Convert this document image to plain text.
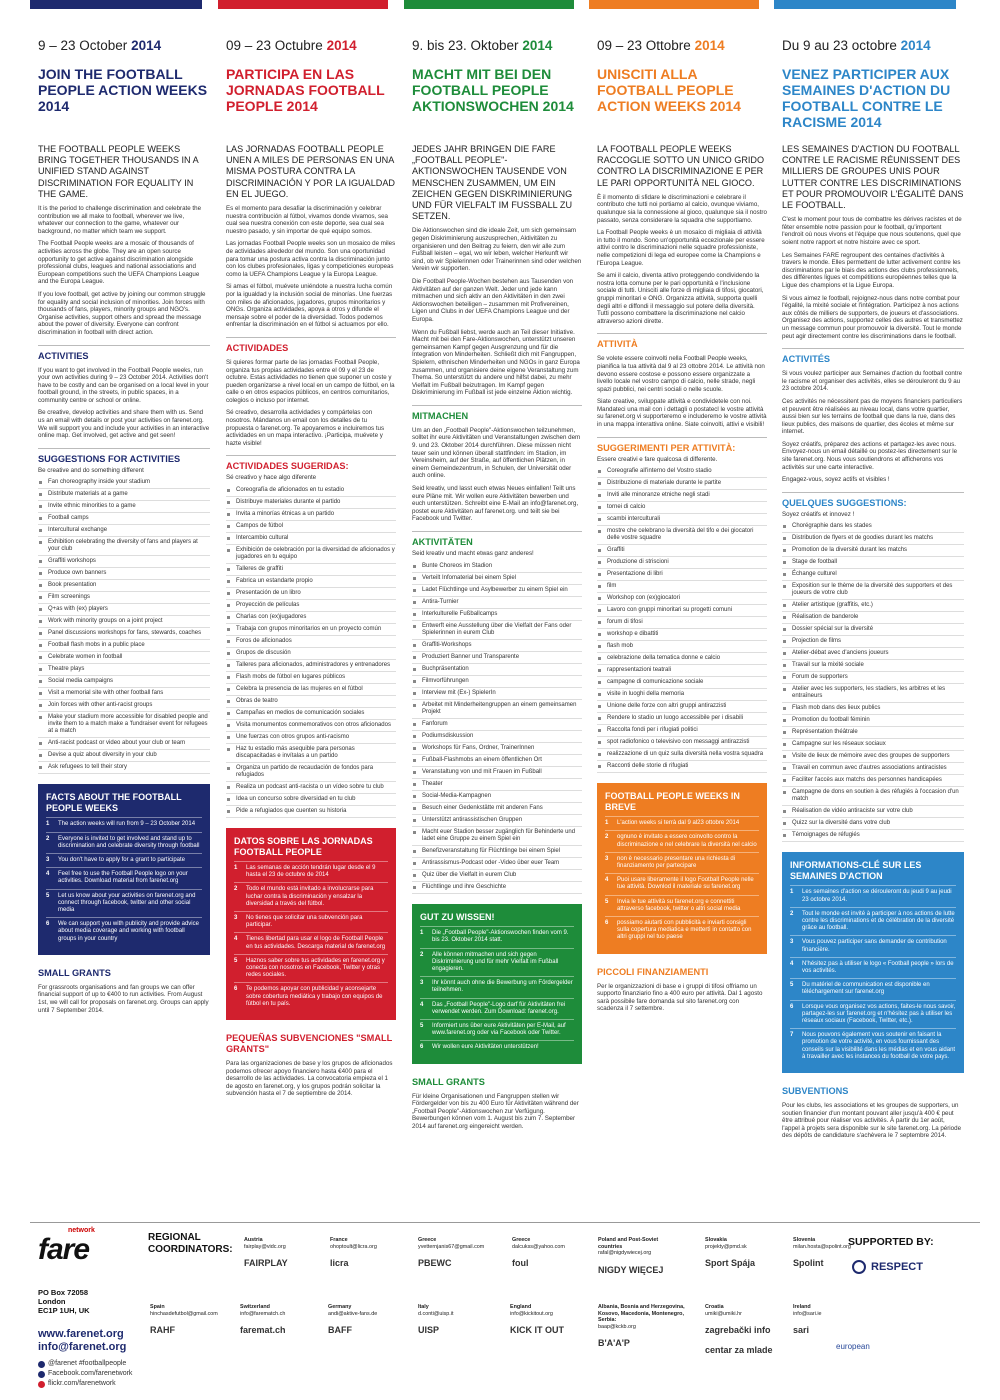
9 – 23 October 2014
JOIN THE FOOTBALL PEOPLE ACTION WEEKS 2014
THE FOOTBALL PEOPLE WEEKS BRING TOGETHER THOUSANDS IN A UNIFIED STAND AGAINST DISCRIMINATION FOR EQUALITY IN THE GAME.

It is the period to challenge discrimination and celebrate the contribution we all make to football, wherever we live, whatever our connection to the game, whatever our background, no matter which team we support.

The Football People weeks are a mosaic of thousands of activities across the globe. They are an open source opportunity to get active against discrimination alongside professional clubs, leagues and national associations and European competitions such the UEFA Champions League and the Europa League.

If you love football, get active by joining our common struggle for equality and social inclusion of minorities. Join forces with thousands of fans, players, minority groups and NGO's. Organise activities, support others and spread the message about the power of diversity. Everyone can confront discrimination in football with direct action.

ACTIVITIES

If you want to get involved in the Football People weeks, run your own activities during 9 – 23 October 2014. Activities don't have to be costly and can be organised on a local level in your football ground, in the streets, in public spaces, in a community centre or school or online.

Be creative, develop activities and share them with us. Send us an email with details or post your activities on farenet.org. We will support you and include your activities in an interactive online map. Get involved, get active and get seen!

SUGGESTIONS FOR ACTIVITIES

Be creative and do something different

Fan choreography inside your stadium
Distribute materials at a game
Invite ethnic minorities to a game
Football camps
Intercultural exchange
Exhibition celebrating the diversity of fans and players at your club
Graffiti workshops
Produce own banners
Book presentation
Film screenings
Q+as with (ex) players
Work with minority groups on a joint project
Panel discussions workshops for fans, stewards, coaches
Football flash mobs in a public place
Celebrate women in football
Theatre plays
Social media campaigns
Visit a memorial site with other football fans
Join forces with other anti-racist groups
Make your stadium more accessible for disabled people and invite them to a match make a 'fundraiser event for refugees at a match
Anti-racist podcast or video about your club or team
Devise a quiz about diversity in your club
Ask refugees to tell their story
FACTS ABOUT THE FOOTBALL PEOPLE WEEKS
1 The action weeks will run from 9 – 23 October 2014
2 Everyone is invited to get involved and stand up to discrimination and celebrate diversity through football
3 You don't have to apply for a grant to participate
4 Feel free to use the Football People logo on your activities. Download material from farenet.org
5 Let us know about your activities on farenet.org and connect through facebook, twitter and other social media
6 We can support you with publicity and provide advice about media coverage and working with football groups in your country
SMALL GRANTS

For grassroots organisations and fan groups we can offer financial support of up to €400 to run activities. From August 1st, we will call for proposals on farenet.org. Groups can apply until 7 September 2014.

09 – 23 Octubre 2014
PARTICIPA EN LAS JORNADAS FOOTBALL PEOPLE 2014
LAS JORNADAS FOOTBALL PEOPLE UNEN A MILES DE PERSONAS EN UNA MISMA POSTURA CONTRA LA DISCRIMINACIÓN Y POR LA IGUALDAD EN EL JUEGO.

Es el momento para desafiar la discriminación y celebrar nuestra contribución al fútbol, vivamos donde vivamos, sea cual sea nuestra conexión con este deporte, sea cual sea nuestro pasado, y sin importar de qué equipo somos.

Las jornadas Football People weeks son un mosaico de miles de actividades alrededor del mundo. Son una oportunidad para tomar una postura activa contra la discriminación junto con los clubes profesionales, ligas y competiciones europeas como la UEFA Champions League y la Europa League.

Si amas el fútbol, muévete uniéndote a nuestra lucha común por la igualdad y la inclusión social de minorías. Une fuerzas con miles de aficionados, jugadores, grupos minoritarios y ONGs. Organiza actividades, apoya a otros y difunde el mensaje sobre el poder de la diversidad. Todos podemos enfrentar la discriminación en el fútbol si actuamos por ello.

ACTIVIDADES

Si quieres formar parte de las jornadas Football People, organiza tus propias actividades entre el 09 y el 23 de octubre. Estas actividades no tienen que suponer un coste y pueden organizarse a nivel local en un campo de fútbol, en la calle o en otros espacios públicos, en centros comunitarios, colegios o incluso por internet.

Sé creativo, desarrolla actividades y compártelas con nosotros. Mándanos un email con los detalles de tu propuesta o farenet.org. Te apoyaremos e incluiremos tus actividades en un mapa interactivo. ¡Participa, muévete y hazte visible!

ACTIVIDADES SUGERIDAS:

Sé creativo y hace algo diferente

Coreografía de aficionados en tu estadio
Distribuye materiales durante el partido
Invita a minorías étnicas a un partido
Campos de fútbol
Intercambio cultural
Exhibición de celebración por la diversidad de aficionados y jugadores en tu equipo
Talleres de graffiti
Fabrica un estandarte propio
Presentación de un libro
Proyección de películas
Charlas con (ex)jugadores
Trabaja con grupos minoritarios en un proyecto común
Foros de aficionados
Grupos de discusión
Talleres para aficionados, administradores y entrenadores
Flash mobs de fútbol en lugares públicos
Celebra la presencia de las mujeres en el fútbol
Obras de teatro
Campañas en medios de comunicación sociales
Visita monumentos conmemorativos con otros aficionados
Une fuerzas con otros grupos anti-racismo
Haz tu estadio más asequible para personas discapacitadas e invítalas a un partido
Organiza un partido de recaudación de fondos para refugiados
Realiza un podcast anti-racista o un vídeo sobre tu club
Idea un concurso sobre diversidad en tu club
Pide a refugiados que cuenten su historia
DATOS SOBRE LAS JORNADAS FOOTBALL PEOPLE
1 Las semanas de acción tendrán lugar desde el 9 hasta el 23 de octubre de 2014
2 Todo el mundo está invitado a involucrarse para luchar contra la discriminación y ensalzar la diversidad a través del fútbol.
3 No tienes que solicitar una subvención para participar.
4 Tienes libertad para usar el logo de Football People en tus actividades. Descarga material de farenet.org
5 Haznos saber sobre tus actividades en farenet.org y conecta con nosotros en Facebook, Twitter y otras redes sociales.
6 Te podemos apoyar con publicidad y aconsejarte sobre cobertura mediática y trabajo con equipos de fútbol en tu país.
PEQUEÑAS SUBVENCIONES "SMALL GRANTS"

Para las organizaciones de base y los grupos de aficionados podemos ofrecer apoyo financiero hasta €400 para el desarrollo de las actividades. La convocatoria empieza el 1 de agosto en farenet.org, y los grupos podrán solicitar la subvención hasta el 7 de septiembre de 2014.

9. bis 23. Oktober 2014
MACHT MIT BEI DEN FOOTBALL PEOPLE AKTIONSWOCHEN 2014
JEDES JAHR BRINGEN DIE FARE „FOOTBALL PEOPLE"-AKTIONSWOCHEN TAUSENDE VON MENSCHEN ZUSAMMEN, UM EIN ZEICHEN GEGEN DISKRIMINIERUNG UND FÜR VIELFALT IM FUSSBALL ZU SETZEN.

Die Aktionswochen sind die ideale Zeit, um sich gemeinsam gegen Diskriminierung auszusprechen, Aktivitäten zu organisieren und den Beitrag zu feiern, den wir alle zum Fußball leisten – egal, wo wir leben, welcher Herkunft wir sind, ob wir Spielerinnen oder Trainerinnen sind oder welchen Verein wir supporten.

Die Football People-Wochen bestehen aus Tausenden von Aktivitäten auf der ganzen Welt. Jeder und jede kann mitmachen und sich aktiv an den Aktivitäten in den zwei Aktionswochen beteiligen – zusammen mit Profivereinen, Ligen und Clubs in der UEFA Champions League und der Europa.

Wenn du Fußball liebst, werde auch an Teil dieser Initiative. Macht mit bei den Fare-Aktionswochen, unterstützt unseren gemeinsamen Kampf gegen Ausgrenzung und für die Integration von Minderheiten. Schließt dich mit Fangruppen, Spielern, ethnischen Minderheiten und NGOs in ganz Europa zusammen, und organisiere deine eigene Veranstaltung zum Thema. So unterstützt du andere und hilfst dabei, zu mehr Vielfalt im Fußball beizutragen. Im Kampf gegen Diskriminierung im Fußball ist jede einzelne Aktion wichtig.

MITMACHEN

Um an den „Football People"-Aktionswochen teilzunehmen, solltet ihr eure Aktivitäten und Veranstaltungen zwischen dem 9. und 23. Oktober 2014 durchführen. Diese müssen nicht teuer sein und können überall stattfinden: im Stadion, im Vereinsheim, auf der Straße, auf öffentlichen Plätzen, in einem Gemeindezentrum, in Schulen, der Universität oder auch online.

Seid kreativ, und lasst euch etwas Neues einfallen! Teilt uns eure Pläne mit. Wir wollen eure Aktivitäten bewerben und euch unterstützen. Schreibt eine E-Mail an info@farenet.org, postet eure Aktivitäten auf farenet.org. und teilt sie bei Facebook und Twitter.

AKTIVITÄTEN

Seid kreativ und macht etwas ganz anderes!

Bunte Choreos im Stadion
Verteilt Infomaterial bei einem Spiel
Ladet Flüchtlinge und Asylbewerber zu einem Spiel ein
Antira-Turnier
Interkulturelle Fußballcamps
Entwerft eine Ausstellung über die Vielfalt der Fans oder Spielerinnen in eurem Club
Graffiti-Workshops
Produziert Banner und Transparente
Buchpräsentation
Filmvorführungen
Interview mit (Ex-) SpielerIn
Arbeitet mit Minderheitengruppen an einem gemeinsamen Projekt
Fanforum
Podiumsdiskussion
Workshops für Fans, Ordner, TrainerInnen
Fußball-Flashmobs an einem öffentlichen Ort
Veranstaltung von und mit Frauen im Fußball
Theater
Social-Media-Kampagnen
Besuch einer Gedenkstätte mit anderen Fans
Unterstützt antirassistischen Gruppen
Macht euer Stadion besser zugänglich für Behinderte und ladet eine Gruppe zu einem Spiel ein
Benefizveranstaltung für Flüchtlinge bei einem Spiel
Antirassismus-Podcast oder -Video über euer Team
Quiz über die Vielfalt in eurem Club
Flüchtlinge und ihre Geschichte
GUT ZU WISSEN!
1 Die „Football People"-Aktionswochen finden vom 9. bis 23. Oktober 2014 statt.
2 Alle können mitmachen und sich gegen Diskriminierung und für mehr Vielfalt im Fußball engagieren.
3 Ihr könnt auch ohne die Bewerbung um Fördergelder teilnehmen.
4 Das „Football People"-Logo darf für Aktivitäten frei verwendet werden. Zum Download: farenet.org.
5 Informiert uns über eure Aktivitäten per E-Mail, auf www.farenet.org oder via Facebook oder Twitter.
6 Wir wollen eure Aktivitäten unterstützen!
SMALL GRANTS

Für kleine Organisationen und Fangruppen stellen wir Fördergelder von bis zu 400 Euro für Aktivitäten während der „Football People"-Aktionswochen zur Verfügung. Bewerbungen können vom 1. August bis zum 7. September 2014 auf farenet.org eingereicht werden.

09 – 23 Ottobre 2014
UNISCITI ALLA FOOTBALL PEOPLE ACTION WEEKS 2014
LA FOOTBALL PEOPLE WEEKS RACCOGLIE SOTTO UN UNICO GRIDO CONTRO LA DISCRIMINAZIONE E PER LE PARI OPPORTUNITÀ NEL GIOCO.

È il momento di sfidare le discriminazioni e celebrare il contributo che tutti noi portiamo al calcio, ovunque viviamo, qualunque sia la connessione al gioco, qualunque sia il nostro passato, senza considerare la squadra che supportiamo.

La Football People weeks è un mosaico di migliaia di attività in tutto il mondo. Sono un'opportunità eccezionale per essere attivi contro le discriminazioni nelle squadre professioniste, nelle competizioni di lega ed europee come la Champions e l'Europa League.

Se ami il calcio, diventa attivo proteggendo condividendo la nostra lotta comune per le pari opportunità e l'inclusione sociale di tutti. Unisciti alle forze di migliaia di tifosi, giocatori, gruppi minoritari e ONG. Organizza attività, supporta quelli degli altri e diffondi il messaggio sul potere della diversità. Tutti possono combattere la discriminazione nel calcio attraverso azioni dirette.

ATTIVITÀ

Se volete essere coinvolti nella Football People weeks, pianifica la tua attività dal 9 al 23 ottobre 2014. Le attività non devono essere costose e possono essere organizzate a livello locale nel vostro campo di calcio, nelle strade, negli spazi pubblici, nei centri sociali o nelle scuole.

Siate creative, sviluppate attività e condividetele con noi. Mandateci una mail con i dettagli o postatecl le vostre attività su farenet.org vi supporteremo e includeremo le vostre attività in una mappa interattiva online. Siate coinvolti, attivi e visibili!

SUGGERIMENTI PER ATTIVITÀ:

Essere creativi e fare qualcosa di differente.

Coreografie all'interno del Vostro stadio
Distribuzione di materiale durante le partite
Inviti alle minoranze etniche negli stadi
tornei di calcio
scambi interculturali
mostre che celebrano la diversità del tifo e dei giocatori delle vostre squadre
Graffiti
Produzione di striscioni
Presentazione di libri
film
Workshop con (ex)giocatori
Lavoro con gruppi minoritari su progetti comuni
forum di tifosi
workshop e dibattiti
flash mob
celebrazione della tematica donne e calcio
rappresentazioni teatrali
campagne di comunicazione sociale
visite in luoghi della memoria
Unione delle forze con altri gruppi antirazzisti
Rendere lo stadio un luogo accessibile per i disabili
Raccolta fondi per i rifugiati politici
spot radiofonico o televisivo con messaggi antirazzisti
realizzazione di un quiz sulla diversità nella vostra squadra
Racconti delle storie di rifugiati
FOOTBALL PEOPLE WEEKS IN BREVE
1 L'action weeks si terrà dal 9 al23 ottobre 2014
2 ognuno è invitato a essere coinvolto contro la discriminazione e nel celebrare la diversità nel calcio
3 non è necessario presentare una richiesta di finanziamento per partecipare
4 Puoi usare liberamente il logo Football People nelle tue attività. Downlod il materiale su farenet.org
5 Invia le tue attività su farenet.org e connettiti attraverso facebook, twitter o altri social media
6 possiamo aiutarti con pubblicità e inviarti consigli sulla copertura mediatica e mettertì in contatto con altri gruppi nel tuo paese
PICCOLI FINANZIAMENTI

Per le organizzazioni di base e i gruppi di tifosi offriamo un supporto finanziario fino a 400 euro per attività. Dal 1 agosto sarà possibile fare domanda sul sito farenet.org con scadenza il 7 settembre.

Du 9 au 23 octobre 2014
VENEZ PARTICIPER AUX SEMAINES D'ACTION DU FOOTBALL CONTRE LE RACISME 2014
LES SEMAINES D'ACTION DU FOOTBALL CONTRE LE RACISME RÉUNISSENT DES MILLIERS DE GROUPES UNIS POUR LUTTER CONTRE LES DISCRIMINATIONS ET POUR PROMOUVOIR L'ÉGALITÉ DANS LE FOOTBALL.

C'est le moment pour tous de combattre les dérives racistes et de fêter ensemble notre passion pour le football, qu'importent l'endroit où nous vivons et l'équipe que nous soutenons, quel que soient notre rapport et notre histoire avec ce sport.

Les Semaines FARE regroupent des centaines d'activités à travers le monde. Elles permettent de lutter activement contre les discriminations par le biais des actions des clubs professionnels, des différentes ligues et compétitions européennes telles que la Ligue des champions et la Ligue Europa.

Si vous aimez le football, rejoignez-nous dans notre combat pour l'égalité, la mixité sociale et l'intégration. Participez à nos actions aux côtés de milliers de supporters, de joueurs et d'associations. Organisez des actions, supportez celles des autres et transmettez un message commun pour promouvoir la diversité. Tout le monde peut agir directement contre les discriminations dans le football.

ACTIVITÉS

Si vous voulez participer aux Semaines d'action du football contre le racisme et organiser des activités, elles se dérouleront du 9 au 23 octobre 2014.

Ces activités ne nécessitent pas de moyens financiers particuliers et peuvent être réalisées au niveau local, dans votre quartier, aussi bien sur les terrains de football que dans la rue, dans des lieux publics, des maisons de quartier, des écoles et même sur internet.

Soyez créatifs, préparez des actions et partagez-les avec nous. Envoyez-nous un email détaillé ou postez-les directement sur le site farenet.org. Nous vous soutiendrons et afficherons vos activités sur une carte interactive.

Engagez-vous, soyez actifs et visibles !

QUELQUES SUGGESTIONS:

Soyez créatifs et innovez !

Chorégraphie dans les stades
Distribution de flyers et de goodies durant les matchs
Promotion de la diversité durant les matchs
Stage de football
Échange culturel
Exposition sur le thème de la diversité des supporters et des joueurs de votre club
Atelier artistique (graffitis, etc.)
Réalisation de banderole
Dossier spécial sur la diversité
Projection de films
Atelier-débat avec d'anciens joueurs
Travail sur la mixité sociale
Forum de supporters
Atelier avec les supporters, les stadiers, les arbitres et les entraîneurs
Flash mob dans des lieux publics
Promotion du football féminin
Représentation théâtrale
Campagne sur les réseaux sociaux
Visite de lieux de mémoire avec des groupes de supporters
Travail en commun avec d'autres associations antiracistes
Faciliter l'accès aux matchs des personnes handicapées
Campagne de dons en soutien à des réfugiés à l'occasion d'un match
Réalisation de vidéo antiraciste sur votre club
Quizz sur la diversité dans votre club
Témoignages de réfugiés
INFORMATIONS-CLÉ SUR LES SEMAINES D'ACTION
1 Les semaines d'action se dérouleront du jeudi 9 au jeudi 23 octobre 2014.
2 Tout le monde est invité à participer à nos actions de lutte contre les discriminations et de célébration de la diversité grâce au football.
3 Vous pouvez participer sans demander de contribution financière.
4 N'hésitez pas à utiliser le logo « Football people » lors de vos activités.
5 Du matériel de communication est disponible en téléchargement sur farenet.org
6 Lorsque vous organisez vos actions, faites-le nous savoir, partagez-les sur farenet.org et n'hésitez pas à utiliser les réseaux sociaux (Facebook, Twitter, etc.).
7 Nous pouvons également vous soutenir en faisant la promotion de votre activité, en vous fournissant des conseils sur la visibilité dans les médias et en vous aidant à travailler avec les instances du football de votre pays.
SUBVENTIONS

Pour les clubs, les associations et les groupes de supporters, un soutien financier d'un montant pouvant aller jusqu'à 400 € peut être attribué pour réaliser vos activités. À partir du 1er août, l'appel à projets sera disponible sur le site farenet.org. La période des dépôts de candidature s'achèvera le 7 septembre 2014.

network
fare
PO Box 72058
London
EC1P 1UH, UK
www.farenet.org
info@farenet.org
@farenet #footballpeople
Facebook.com/farenetwork
flickr.com/farenetwork
REGIONAL COORDINATORS:
Austria
fairplay@vidc.org
FAIRPLAY
France
ohoptoult@licra.org
licra
Greece
yvetternjanis67@gmail.com
PBEWC
Greece
dalcukss@yahoo.com
foul
Poland and Post-Soviet countries
rafal@nigdywiecej.org
NIGDY WIĘCEJ
Slovakia
projekty@pmd.sk
Sport Spája
Slovenia
milan.hosta@spolint.org
Spolint
Spain
hinchasdefutbol@gmail.com
RAHF
Switzerland
info@farematch.ch
faremat.ch
Germany
andi@aktive-fans.de
BAFF
Italy
d.conti@uisp.it
UISP
England
info@kickitout.org
KICK IT OUT
Albania, Bosnia and Herzegovina, Kosovo, Macedonia, Montenegro, Serbia:
baap@kckb.org
B'A'A'P
Croatia
umiki@umiki.hr
zagrebački info centar za mlade
Ireland
info@sari.ie
sari
SUPPORTED BY:
RESPECT
european
